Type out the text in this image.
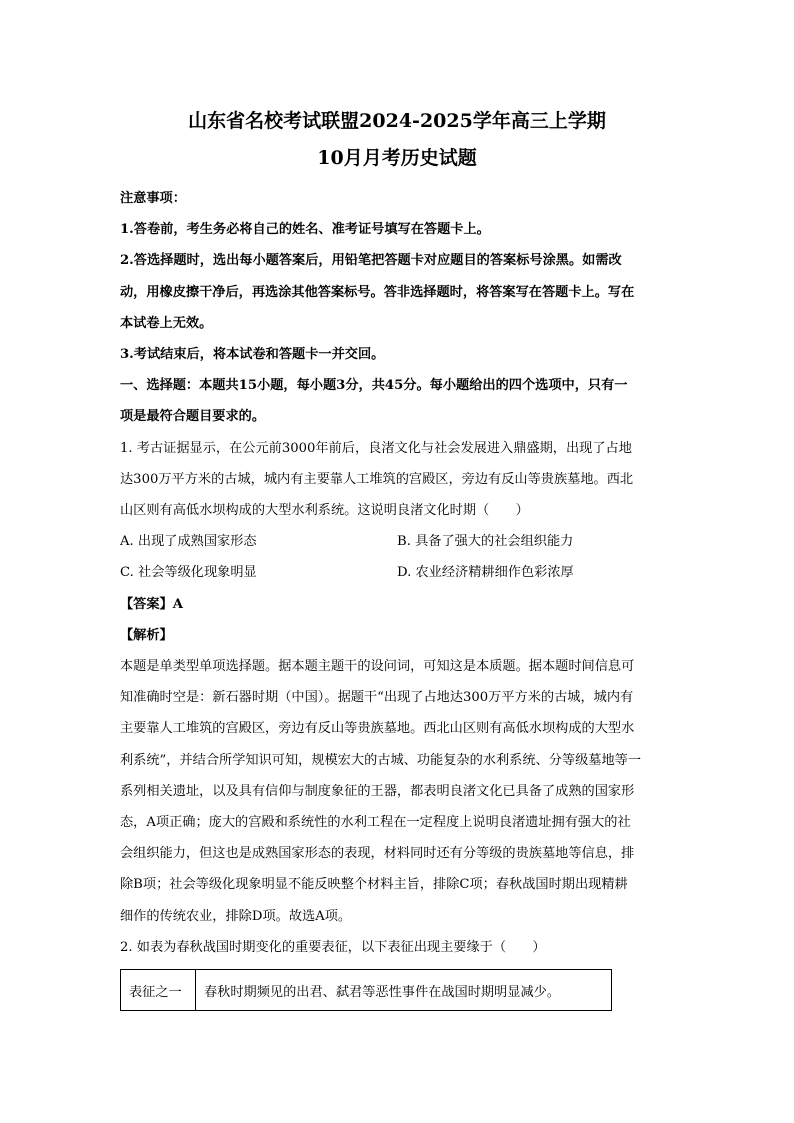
山东省名校考试联盟2024-2025学年高三上学期
10月月考历史试题

注意事项：

1.答卷前，考生务必将自己的姓名、准考证号填写在答题卡上。

2.答选择题时，选出每小题答案后，用铅笔把答题卡对应题目的答案标号涂黑。如需改

动，用橡皮擦干净后，再选涂其他答案标号。答非选择题时，将答案写在答题卡上。写在

本试卷上无效。

3.考试结束后，将本试卷和答题卡一并交回。

一、选择题：本题共15小题，每小题3分，共45分。每小题给出的四个选项中，只有一

项是最符合题目要求的。

1. 考古证据显示，在公元前3000年前后，良渚文化与社会发展进入鼎盛期，出现了占地

达300万平方米的古城，城内有主要靠人工堆筑的宫殿区，旁边有反山等贵族墓地。西北

山区则有高低水坝构成的大型水利系统。这说明良渚文化时期（　　）

A. 出现了成熟国家形态	B. 具备了强大的社会组织能力
C. 社会等级化现象明显	D. 农业经济精耕细作色彩浓厚
【答案】A
【解析】

本题是单类型单项选择题。据本题主题干的设问词，可知这是本质题。据本题时间信息可

知准确时空是：新石器时期（中国）。据题干“出现了占地达300万平方米的古城，城内有

主要靠人工堆筑的宫殿区，旁边有反山等贵族墓地。西北山区则有高低水坝构成的大型水

利系统”，并结合所学知识可知，规模宏大的古城、功能复杂的水利系统、分等级墓地等一

系列相关遗址，以及具有信仰与制度象征的王器，都表明良渚文化已具备了成熟的国家形

态，A项正确；庞大的宫殿和系统性的水利工程在一定程度上说明良渚遗址拥有强大的社

会组织能力，但这也是成熟国家形态的表现，材料同时还有分等级的贵族墓地等信息，排

除B项；社会等级化现象明显不能反映整个材料主旨，排除C项；春秋战国时期出现精耕

细作的传统农业，排除D项。故选A项。

2. 如表为春秋战国时期变化的重要表征，以下表征出现主要缘于（　　）

表征之一	春秋时期频见的出君、弑君等恶性事件在战国时期明显减少。
